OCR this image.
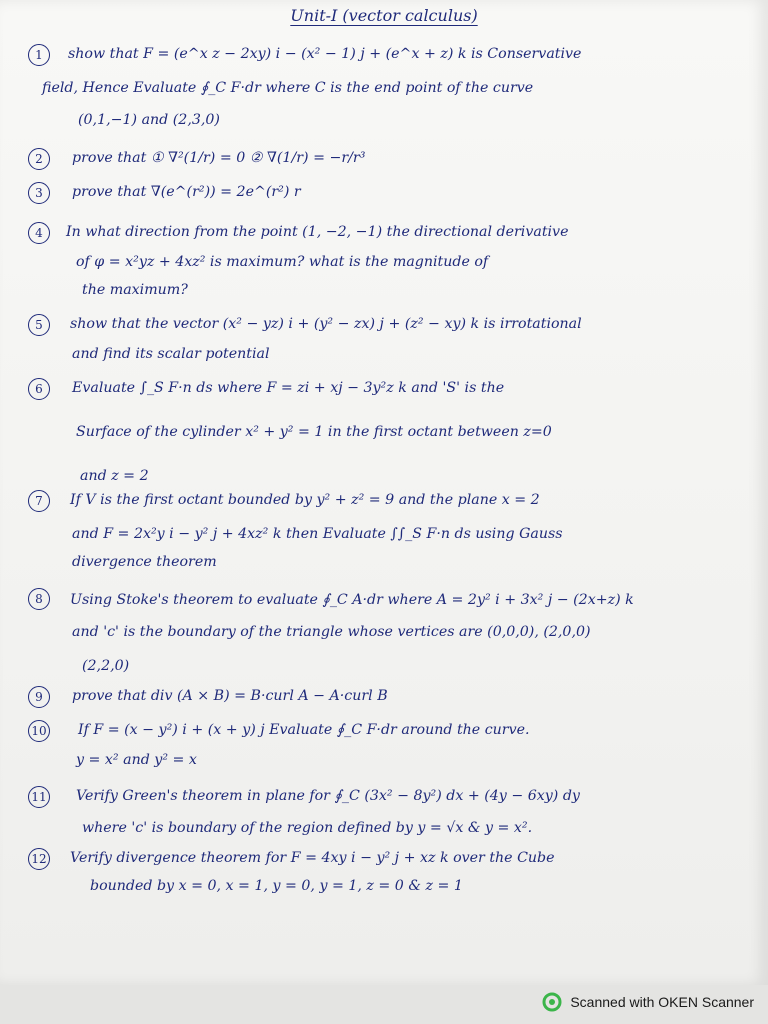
Unit-I (vector calculus)
1	show that F = (e^x z − 2xy) i − (x² − 1) j + (e^x + z) k is Conservative
field, Hence Evaluate ∮_C F·dr where C is the end point of the curve
(0,1,−1) and (2,3,0)
2	prove that ① ∇²(1/r) = 0 ② ∇(1/r) = −r/r³
3	prove that ∇(e^(r²)) = 2e^(r²) r
4	In what direction from the point (1, −2, −1) the directional derivative
of φ = x²yz + 4xz² is maximum? what is the magnitude of
the maximum?
5	show that the vector (x² − yz) i + (y² − zx) j + (z² − xy) k is irrotational
and find its scalar potential
6	Evaluate ∫_S F·n ds where F = zi + xj − 3y²z k and 'S' is the
Surface of the cylinder x² + y² = 1 in the first octant between z=0
and z = 2
7	If V is the first octant bounded by y² + z² = 9 and the plane x = 2
and F = 2x²y i − y² j + 4xz² k then Evaluate ∫∫_S F·n ds using Gauss
divergence theorem
8	Using Stoke's theorem to evaluate ∮_C A·dr where A = 2y² i + 3x² j − (2x+z) k
and 'c' is the boundary of the triangle whose vertices are (0,0,0), (2,0,0)
(2,2,0)
9	prove that div (A × B) = B·curl A − A·curl B
10 If F = (x − y²) i + (x + y) j Evaluate ∮_C F·dr around the curve.
y = x² and y² = x
11 Verify Green's theorem in plane for ∮_C (3x² − 8y²) dx + (4y − 6xy) dy
where 'c' is boundary of the region defined by y = √x & y = x².
12 Verify divergence theorem for F = 4xy i − y² j + xz k over the Cube
bounded by x = 0, x = 1, y = 0, y = 1, z = 0 & z = 1
Scanned with OKEN Scanner
